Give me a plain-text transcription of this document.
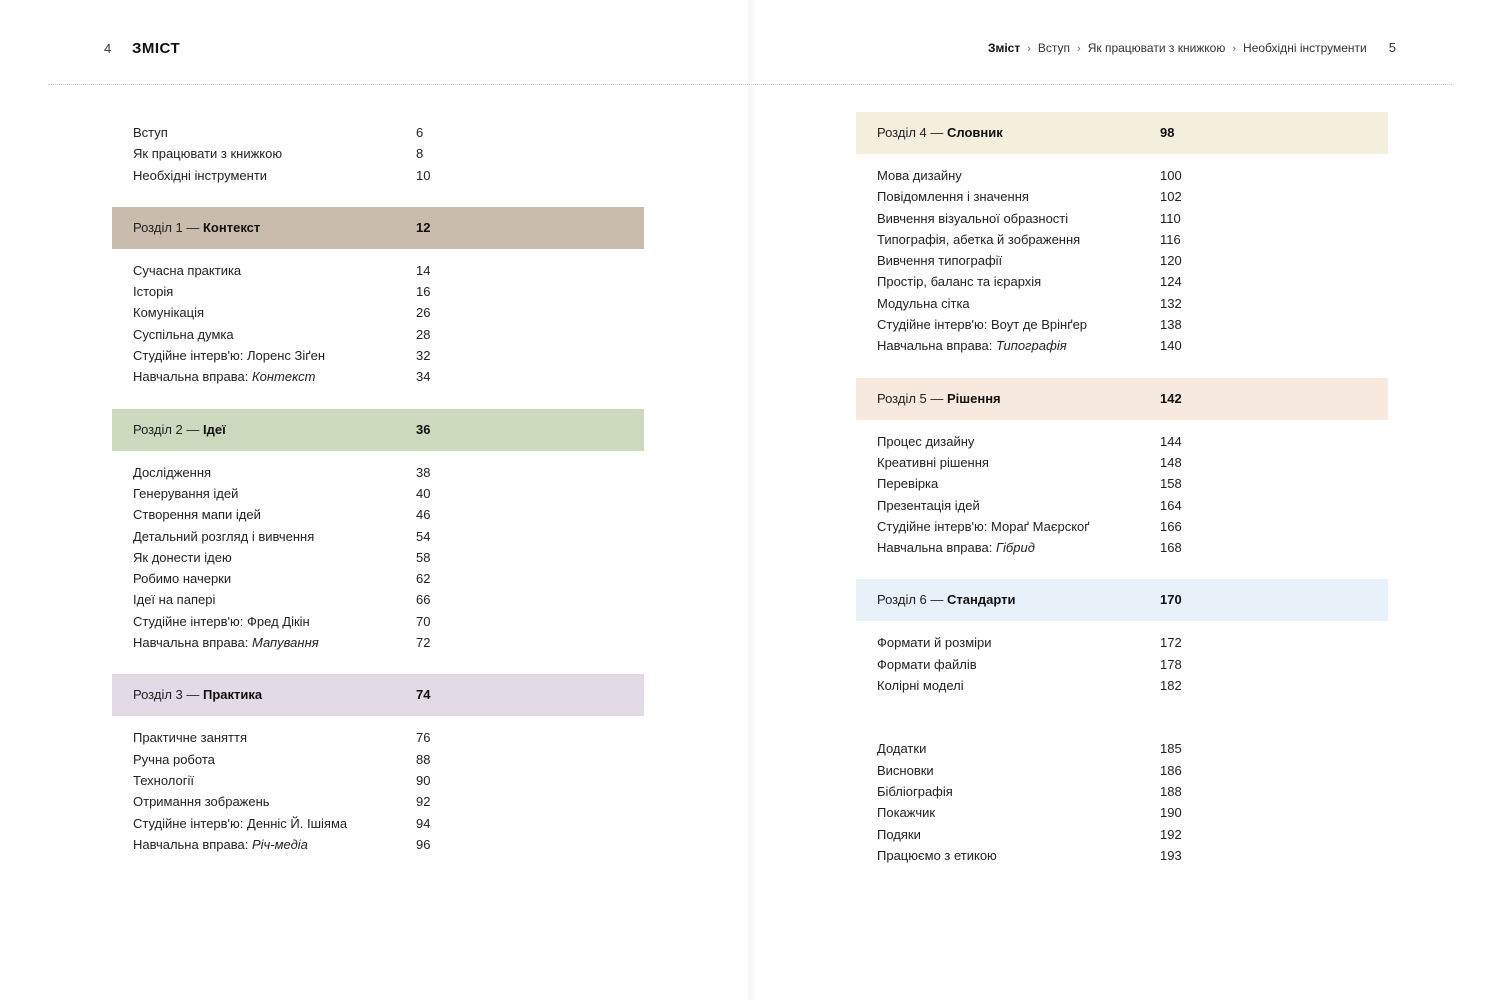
4	ЗМІСТ	Зміст › Вступ › Як працювати з книжкою › Необхідні інструменти 5
Вступ	6
Як працювати з книжкою	8
Необхідні інструменти	10
Розділ 1 — Контекст	12
Сучасна практика	14
Історія	16
Комунікація	26
Суспільна думка	28
Студійне інтерв'ю: Лоренс Зіґен	32
Навчальна вправа: Контекст	34
Розділ 2 — Ідеї	36
Дослідження	38
Генерування ідей	40
Створення мапи ідей	46
Детальний розгляд і вивчення	54
Як донести ідею	58
Робимо начерки	62
Ідеї на папері	66
Студійне інтерв'ю: Фред Дікін	70
Навчальна вправа: Мапування	72
Розділ 3 — Практика	74
Практичне заняття	76
Ручна робота	88
Технології	90
Отримання зображень	92
Студійне інтерв'ю: Денніс Й. Ішіяма	94
Навчальна вправа: Річ-медіа	96
Розділ 4 — Словник	98
Мова дизайну	100
Повідомлення і значення	102
Вивчення візуальної образності	110
Типографія, абетка й зображення	116
Вивчення типографії	120
Простір, баланс та ієрархія	124
Модульна сітка	132
Студійне інтерв'ю: Воут де Врінґер	138
Навчальна вправа: Типографія	140
Розділ 5 — Рішення	142
Процес дизайну	144
Креативні рішення	148
Перевірка	158
Презентація ідей	164
Студійне інтерв'ю: Мораґ Маєрскоґ	166
Навчальна вправа: Гібрид	168
Розділ 6 — Стандарти	170
Формати й розміри	172
Формати файлів	178
Колірні моделі	182
Додатки	185
Висновки	186
Бібліографія	188
Покажчик	190
Подяки	192
Працюємо з етикою	193
